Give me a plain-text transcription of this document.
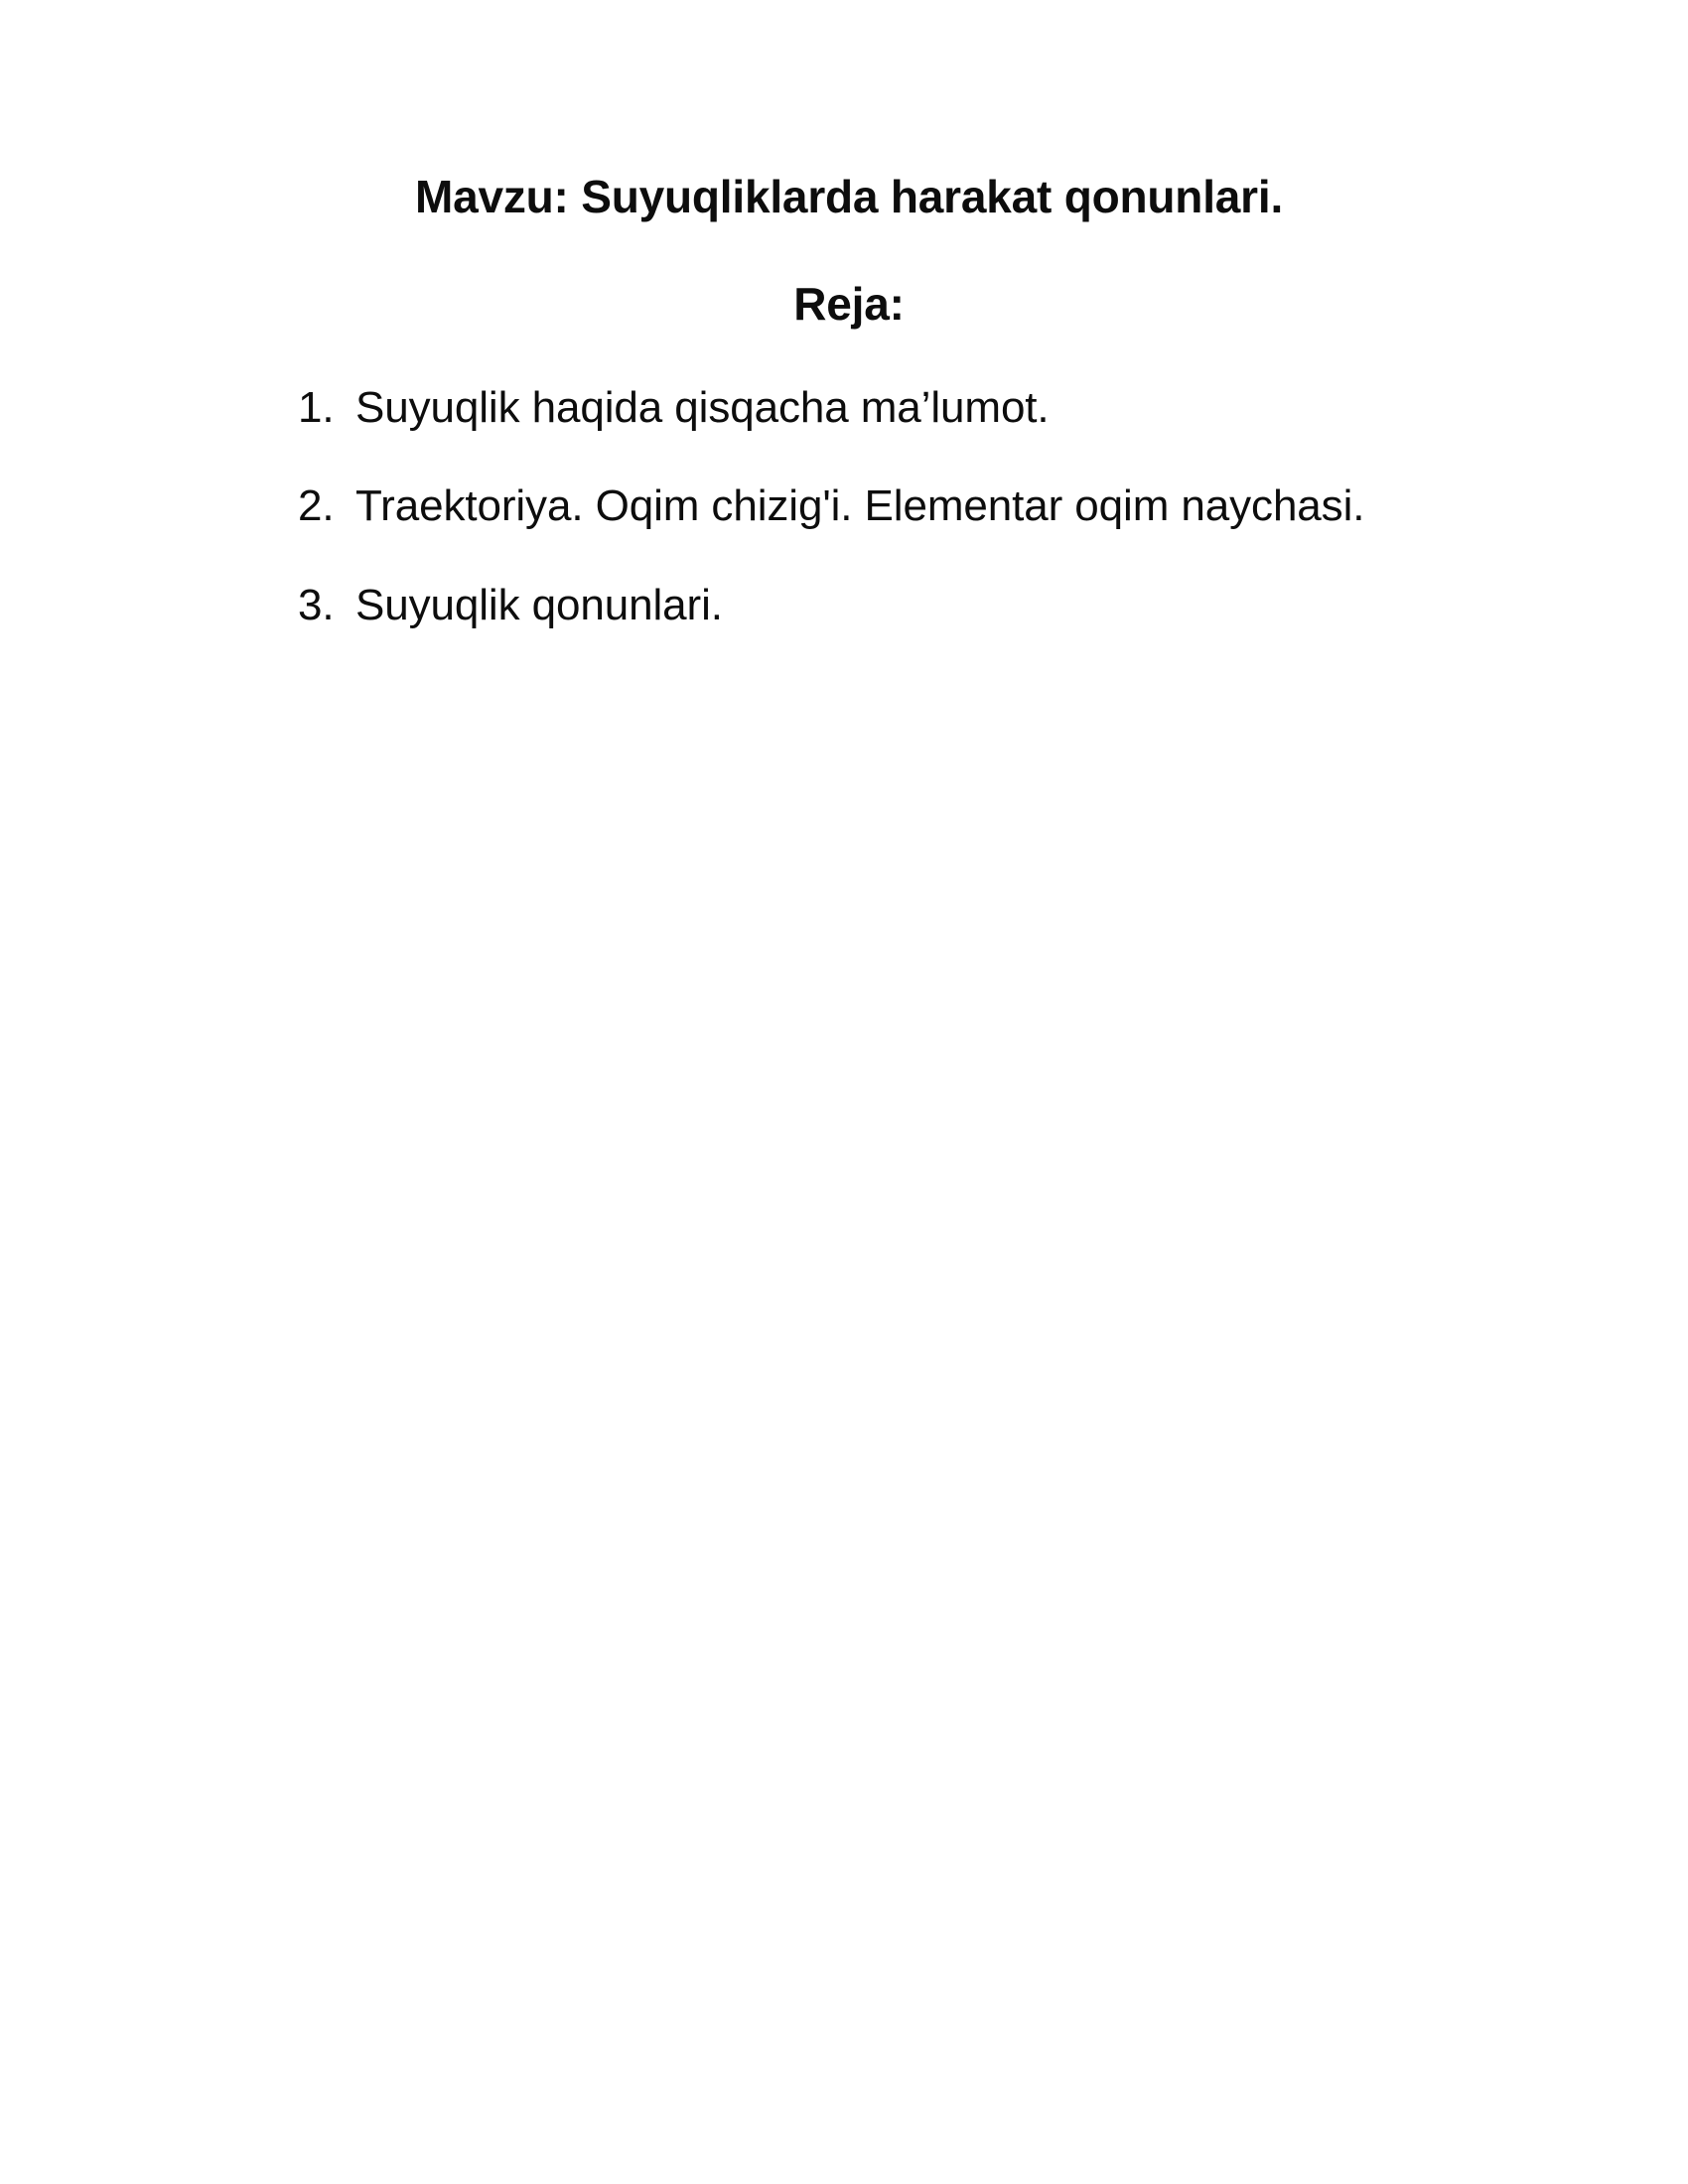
Mavzu: Suyuqliklarda harakat qonunlari.
Reja:
1. Suyuqlik haqida qisqacha ma’lumot.
2. Traektoriya. Oqim chizig'i. Elementar oqim naychasi.
3. Suyuqlik qonunlari.
